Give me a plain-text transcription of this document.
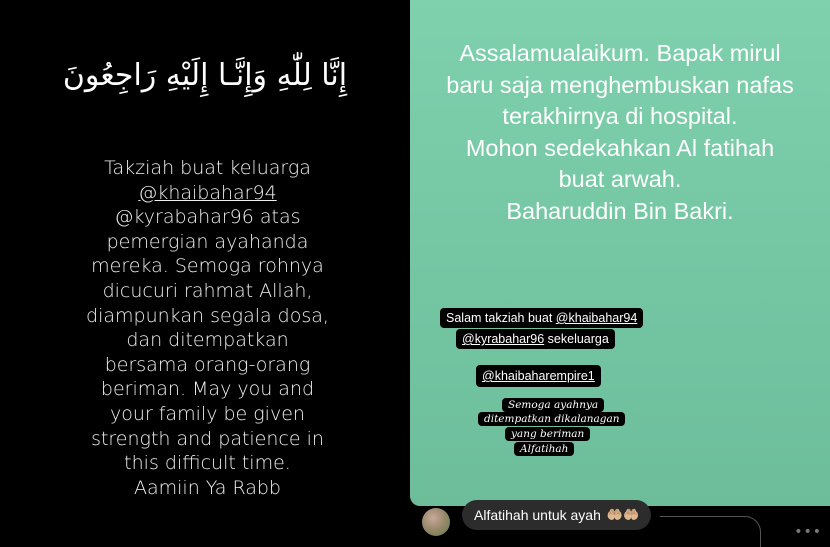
إِنَّا لِلّٰهِ وَإِنَّـا إِلَيْهِ رَاجِعُونَ
Takziah buat keluarga
@khaibahar94
@kyrabahar96 atas
pemergian ayahanda
mereka. Semoga rohnya
dicucuri rahmat Allah,
diampunkan segala dosa,
dan ditempatkan
bersama orang-orang
beriman. May you and
your family be given
strength and patience in
this difficult time.
Aamiin Ya Rabb
Assalamualaikum. Bapak mirul
baru saja menghembuskan nafas
terakhirnya di hospital.
Mohon sedekahkan Al fatihah
buat arwah.
Baharuddin Bin Bakri.
Salam takziah buat @khaibahar94
@kyrabahar96 sekeluarga
@khaibaharempire1
Semoga ayahnya
ditempatkan dikalanagan
yang beriman
Alfatihah
Alfatihah untuk ayah 🤲🏼🤲🏼
•••
